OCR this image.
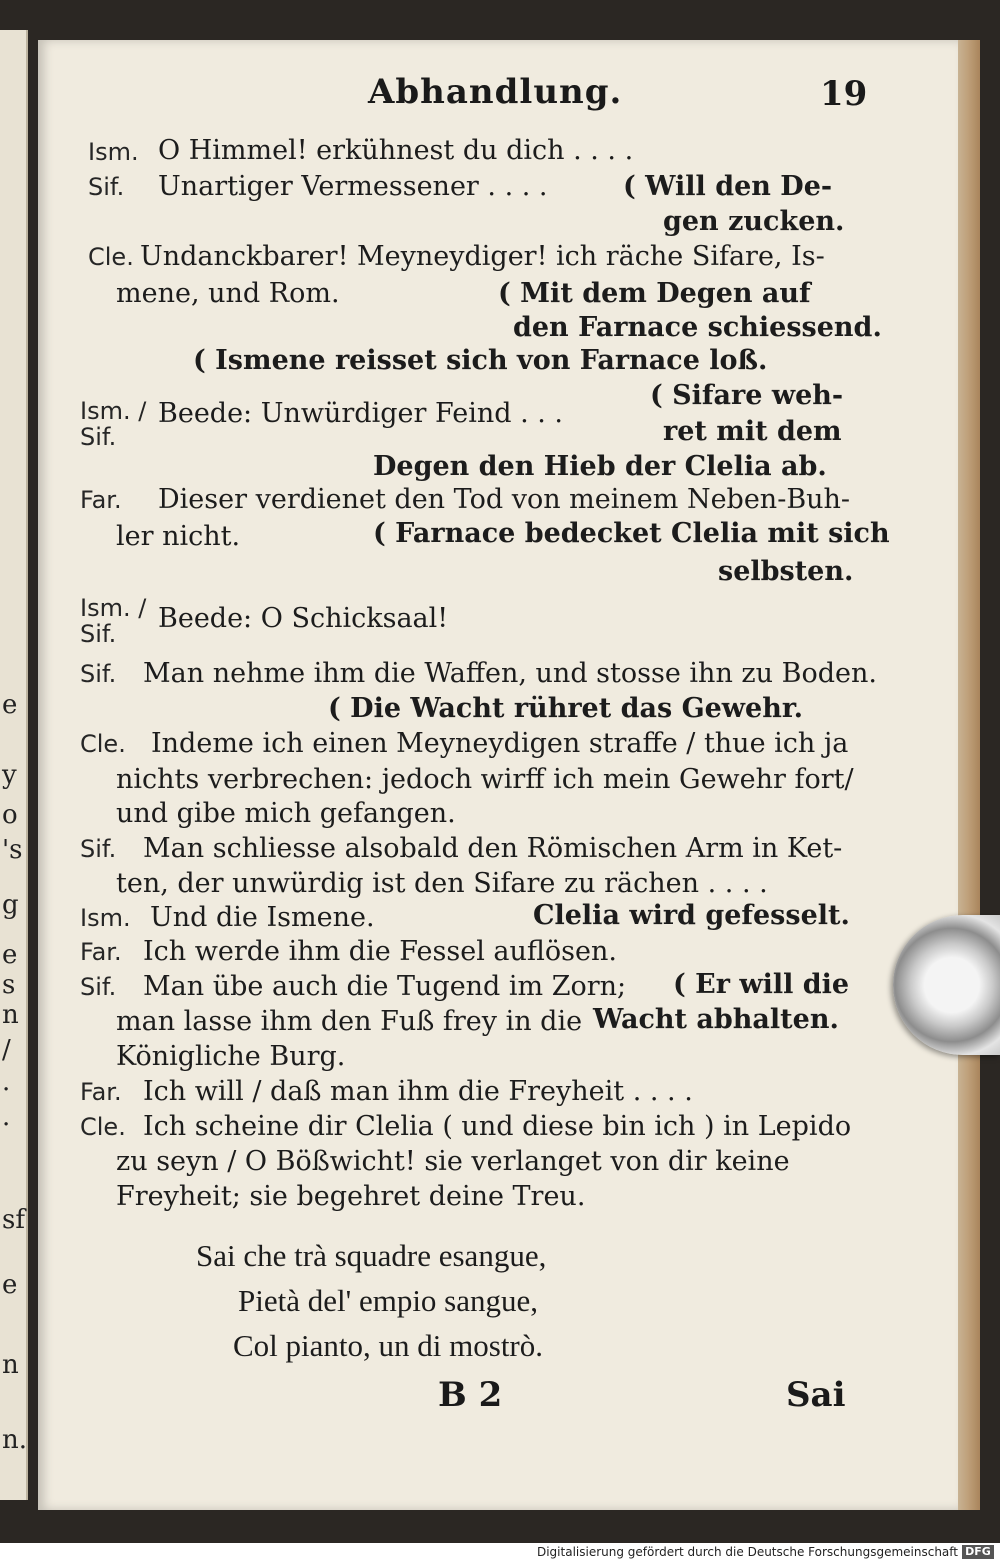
e
y
o
's
g
e
s
n
/
·
·
sf
e
n
n.
Abhandlung.	19
Ism. O Himmel! erkühnest du dich . . . .
Sif. Unartiger Vermessener . . . .	( Will den De-
gen zucken.
Cle. Undanckbarer! Meyneydiger! ich räche Sifare, Is-
mene, und Rom.	( Mit dem Degen auf
den Farnace schiessend.
( Ismene reisset sich von Farnace loß.
Ism. / Sif.
Beede: Unwürdiger Feind . . .
( Sifare weh-
ret mit dem
Degen den Hieb der Clelia ab.
Far. Dieser verdienet den Tod von meinem Neben-Buh-
ler nicht.	( Farnace bedecket Clelia mit sich
selbsten.
Ism. / Sif.
Beede: O Schicksaal!
Sif. Man nehme ihm die Waffen, und stosse ihn zu Boden.
( Die Wacht rühret das Gewehr.
Cle. Indeme ich einen Meyneydigen straffe / thue ich ja
nichts verbrechen: jedoch wirff ich mein Gewehr fort/
und gibe mich gefangen.
Sif. Man schliesse alsobald den Römischen Arm in Ket-
ten, der unwürdig ist den Sifare zu rächen . . . .
Ism. Und die Ismene.	Clelia wird gefesselt.
Far. Ich werde ihm die Fessel auflösen.
Sif. Man übe auch die Tugend im Zorn; ( Er will die
man lasse ihm den Fuß frey in die Wacht abhalten.
Königliche Burg.
Far. Ich will / daß man ihm die Freyheit . . . .
Cle. Ich scheine dir Clelia ( und diese bin ich ) in Lepido
zu seyn / O Bößwicht! sie verlanget von dir keine
Freyheit; sie begehret deine Treu.
Sai che trà squadre esangue,
Pietà del' empio sangue,
Col pianto, un di mostrò.
B 2	Sai
Digitalisierung gefördert durch die Deutsche Forschungsgemeinschaft DFG
